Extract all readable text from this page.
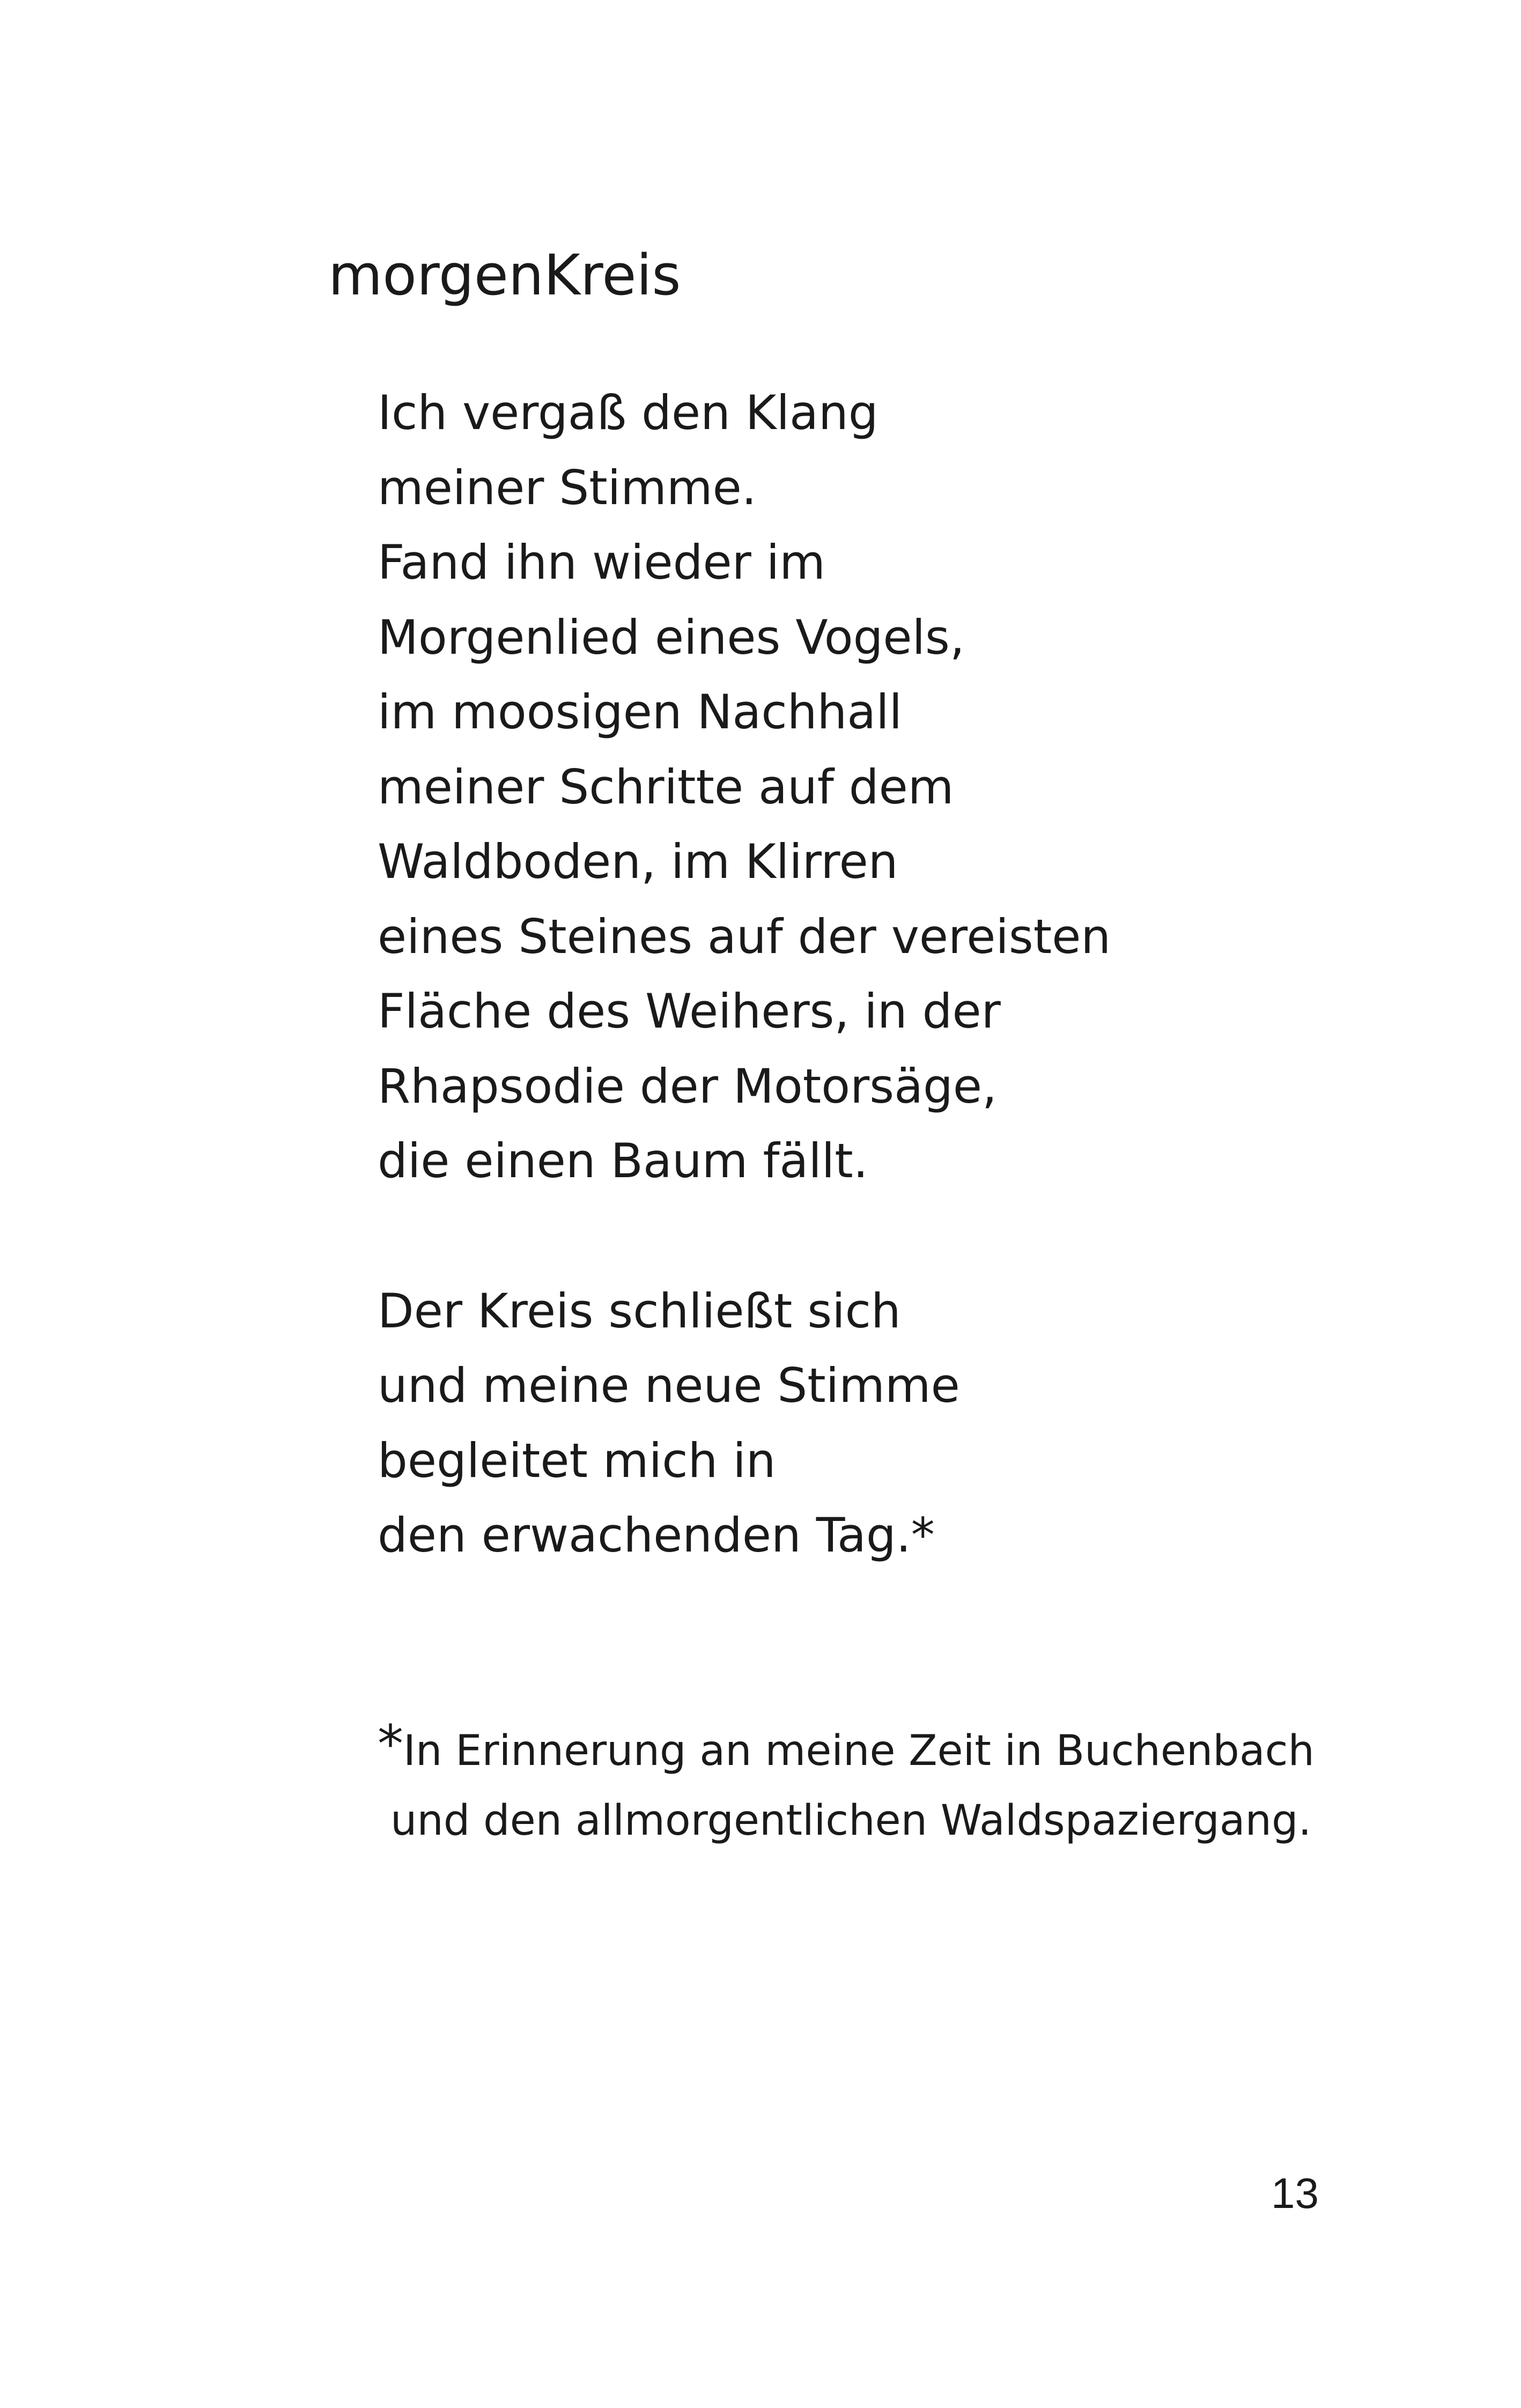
morgenKreis
Ich vergaß den Klang
meiner Stimme.
Fand ihn wieder im
Morgenlied eines Vogels,
im moosigen Nachhall
meiner Schritte auf dem
Waldboden, im Klirren
eines Steines auf der vereisten
Fläche des Weihers, in der
Rhapsodie der Motorsäge,
die einen Baum fällt.
Der Kreis schließt sich
und meine neue Stimme
begleitet mich in
den erwachenden Tag.*
*In Erinnerung an meine Zeit in Buchenbach
und den allmorgentlichen Waldspaziergang.
13
